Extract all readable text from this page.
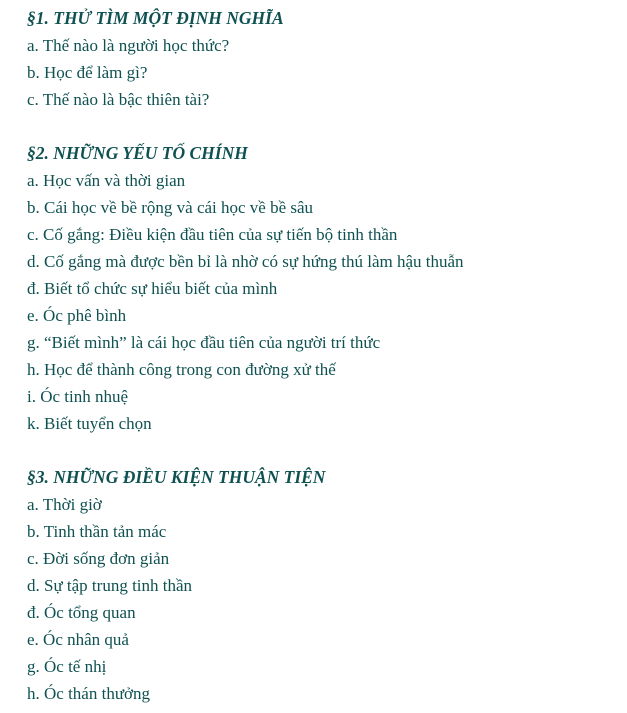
§1. THỬ TÌM MỘT ĐỊNH NGHĨA
a. Thế nào là người học thức?
b. Học để làm gì?
c. Thế nào là bậc thiên tài?
§2. NHỮNG YẾU TỐ CHÍNH
a. Học vấn và thời gian
b. Cái học về bề rộng và cái học về bề sâu
c. Cố gắng: Điều kiện đầu tiên của sự tiến bộ tinh thần
d. Cố gắng mà được bền bỉ là nhờ có sự hứng thú làm hậu thuẫn
đ. Biết tổ chức sự hiểu biết của mình
e. Óc phê bình
g. “Biết mình” là cái học đầu tiên của người trí thức
h. Học để thành công trong con đường xử thế
i. Óc tinh nhuệ
k. Biết tuyển chọn
§3. NHỮNG ĐIỀU KIỆN THUẬN TIỆN
a. Thời giờ
b. Tinh thần tản mác
c. Đời sống đơn giản
d. Sự tập trung tinh thần
đ. Óc tổng quan
e. Óc nhân quả
g. Óc tế nhị
h. Óc thán thưởng
